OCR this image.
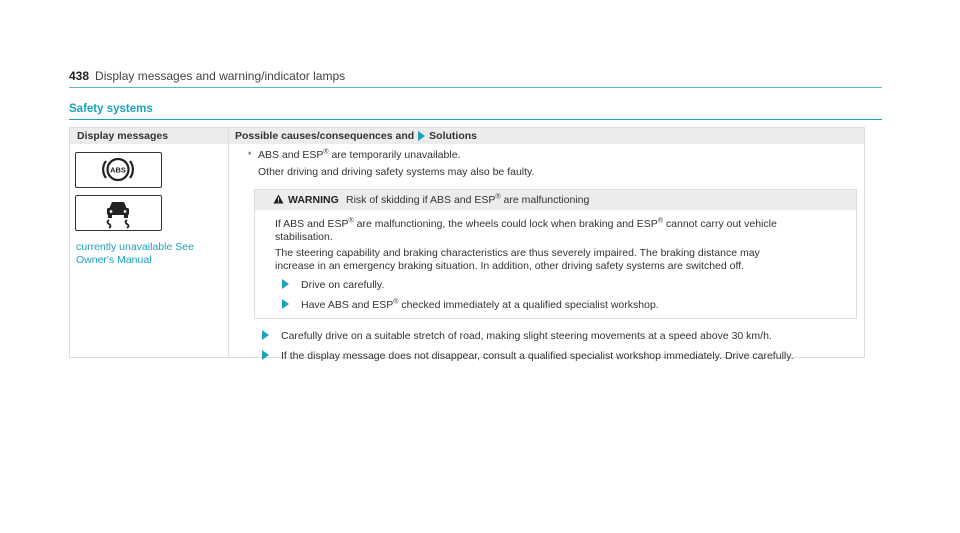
438 Display messages and warning/indicator lamps
Safety systems
Display messages	Possible causes/consequences and Solutions
ABS
currently unavailable See
Owner's Manual
* ABS and ESP® are temporarily unavailable.
Other driving and driving safety systems may also be faulty.
WARNING Risk of skidding if ABS and ESP® are malfunctioning
If ABS and ESP® are malfunctioning, the wheels could lock when braking and ESP® cannot carry out vehicle
stabilisation.
The steering capability and braking characteristics are thus severely impaired. The braking distance may
increase in an emergency braking situation. In addition, other driving safety systems are switched off.
Drive on carefully.
Have ABS and ESP® checked immediately at a qualified specialist workshop.
Carefully drive on a suitable stretch of road, making slight steering movements at a speed above 30 km/h.
If the display message does not disappear, consult a qualified specialist workshop immediately. Drive carefully.
